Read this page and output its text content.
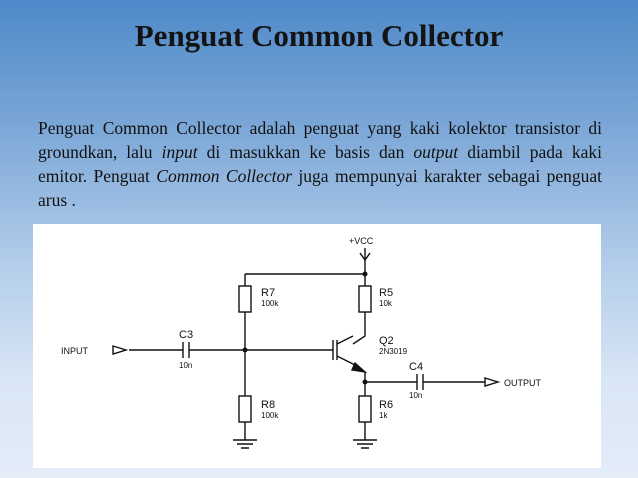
Penguat Common Collector
Penguat Common Collector adalah penguat yang kaki kolektor transistor di groundkan, lalu input di masukkan ke basis dan output diambil pada kaki emitor. Penguat Common Collector juga mempunyai karakter sebagai penguat arus .
+VCC
INPUT
OUTPUT
R7
100k
R5
10k
C3
10n
Q2
2N3019
C4
10n
R8
100k
R6
1k
